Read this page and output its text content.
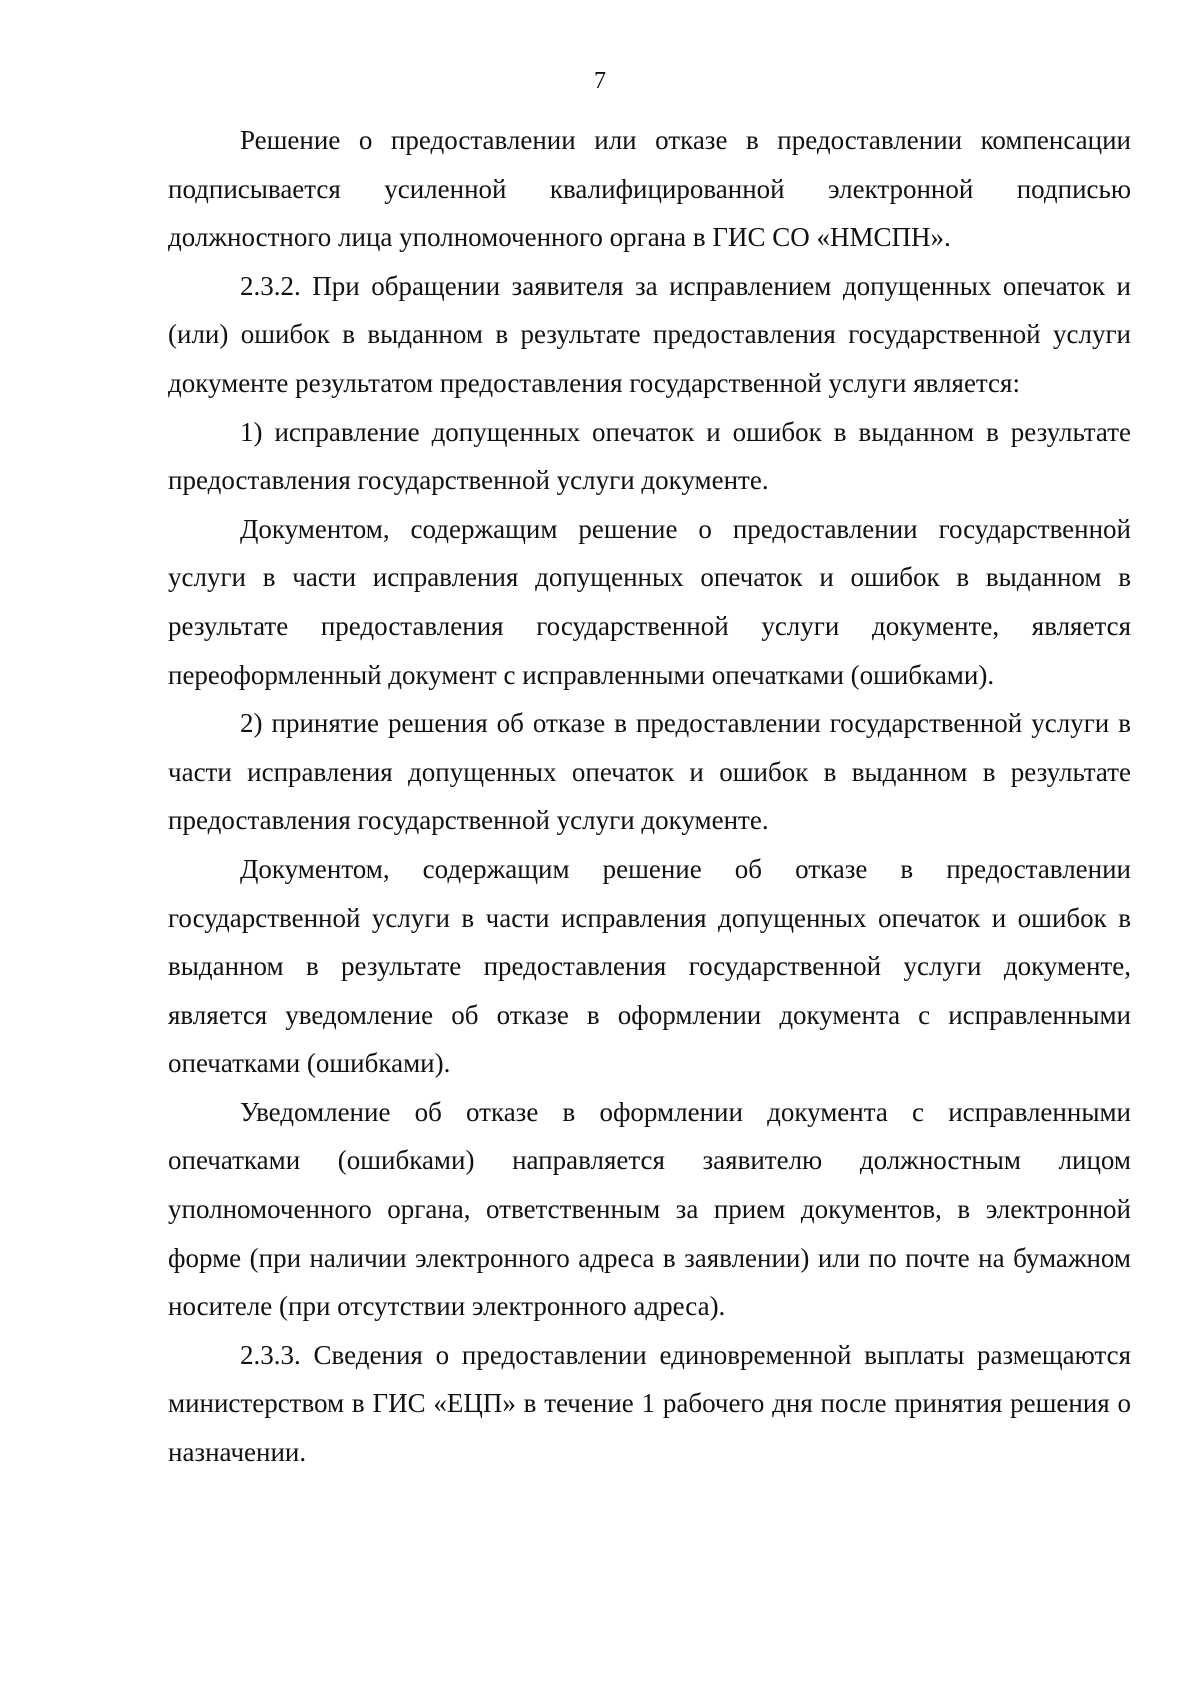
7

Решение о предоставлении или отказе в предоставлении компенсации подписывается усиленной квалифицированной электронной подписью должностного лица уполномоченного органа в ГИС СО «НМСПН».

2.3.2. При обращении заявителя за исправлением допущенных опечаток и (или) ошибок в выданном в результате предоставления государственной услуги документе результатом предоставления государственной услуги является:

1) исправление допущенных опечаток и ошибок в выданном в результате предоставления государственной услуги документе.

Документом, содержащим решение о предоставлении государственной услуги в части исправления допущенных опечаток и ошибок в выданном в результате предоставления государственной услуги документе, является переоформленный документ с исправленными опечатками (ошибками).

2) принятие решения об отказе в предоставлении государственной услуги в части исправления допущенных опечаток и ошибок в выданном в результате предоставления государственной услуги документе.

Документом, содержащим решение об отказе в предоставлении государственной услуги в части исправления допущенных опечаток и ошибок в выданном в результате предоставления государственной услуги документе, является уведомление об отказе в оформлении документа с исправленными опечатками (ошибками).

Уведомление об отказе в оформлении документа с исправленными опечатками (ошибками) направляется заявителю должностным лицом уполномоченного органа, ответственным за прием документов, в электронной форме (при наличии электронного адреса в заявлении) или по почте на бумажном носителе (при отсутствии электронного адреса).

2.3.3. Сведения о предоставлении единовременной выплаты размещаются министерством в ГИС «ЕЦП» в течение 1 рабочего дня после принятия решения о назначении.
